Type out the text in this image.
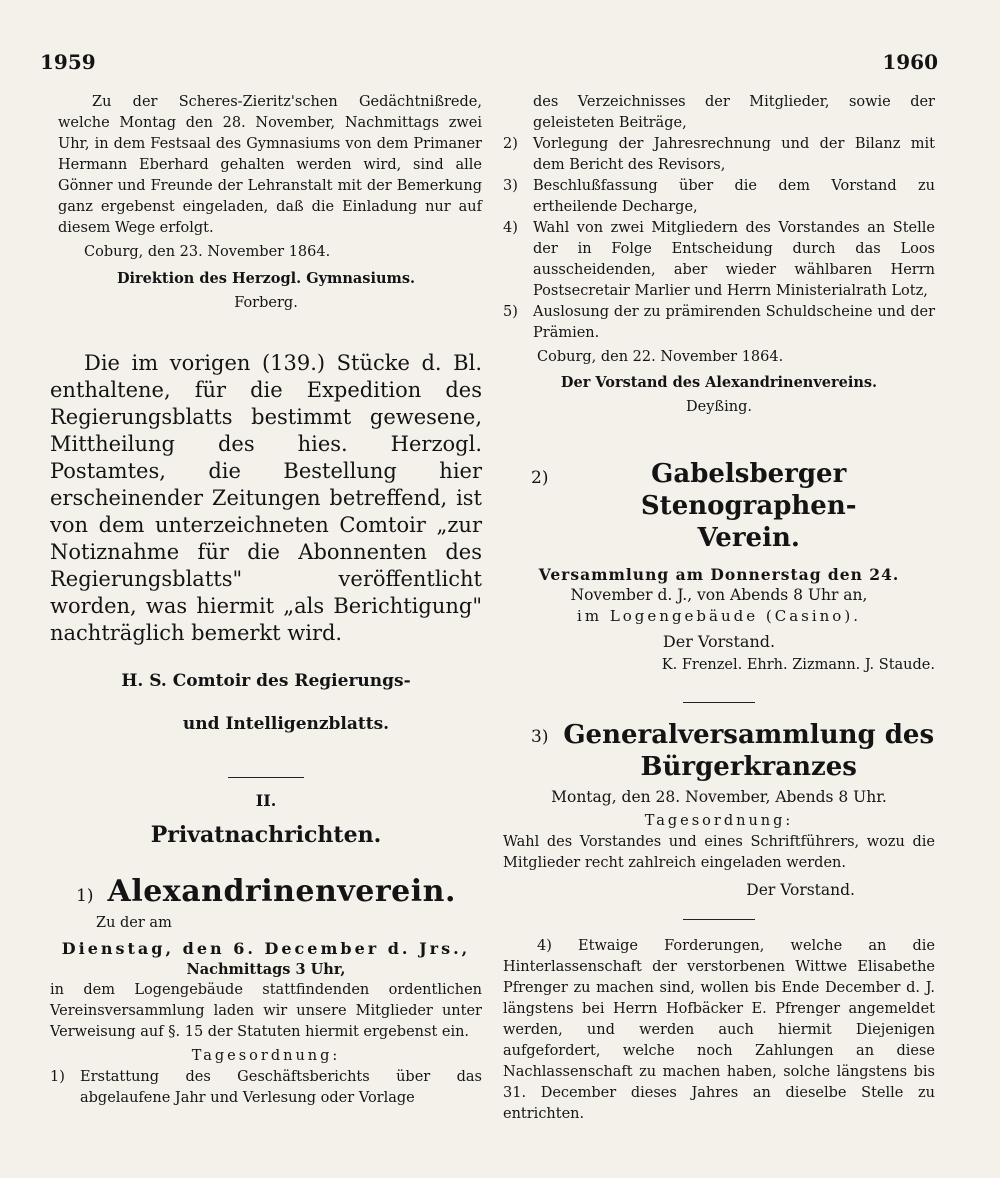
1959	1960

Zu der Scheres-Zieritz'schen Gedächtnißrede, welche Montag den 28. November, Nachmittags zwei Uhr, in dem Festsaal des Gymnasiums von dem Primaner Hermann Eberhard gehalten werden wird, sind alle Gönner und Freunde der Lehranstalt mit der Bemerkung ganz ergebenst eingeladen, daß die Einladung nur auf diesem Wege erfolgt.

Coburg, den 23. November 1864.

Direktion des Herzogl. Gymnasiums.

Forberg.

Die im vorigen (139.) Stücke d. Bl. enthaltene, für die Expedition des Regierungsblatts bestimmt gewesene, Mittheilung des hies. Herzogl. Postamtes, die Bestellung hier erscheinender Zeitungen betreffend, ist von dem unterzeichneten Comtoir „zur Notiznahme für die Abonnenten des Regierungsblatts" veröffentlicht worden, was hiermit „als Berichtigung" nachträglich bemerkt wird.

H. S. Comtoir des Regierungs-

und Intelligenzblatts.

II.

Privatnachrichten.

1) Alexandrinenverein.

Zu der am

Dienstag, den 6. December d. Jrs.,

Nachmittags 3 Uhr,

in dem Logengebäude stattfindenden ordentlichen Vereinsversammlung laden wir unsere Mitglieder unter Verweisung auf §. 15 der Statuten hiermit ergebenst ein.

Tagesordnung:

1)	Erstattung des Geschäftsberichts über das abgelaufene Jahr und Verlesung oder Vorlage

des Verzeichnisses der Mitglieder, sowie der geleisteten Beiträge,

2)	Vorlegung der Jahresrechnung und der Bilanz mit dem Bericht des Revisors,
3)	Beschlußfassung über die dem Vorstand zu ertheilende Decharge,
4)	Wahl von zwei Mitgliedern des Vorstandes an Stelle der in Folge Entscheidung durch das Loos ausscheidenden, aber wieder wählbaren Herrn Postsecretair Marlier und Herrn Ministerialrath Lotz,
5)	Auslosung der zu prämirenden Schuldscheine und der Prämien.

Coburg, den 22. November 1864.

Der Vorstand des Alexandrinenvereins.

Deyßing.

2)	Gabelsberger Stenographen-
Verein.

Versammlung am Donnerstag den 24.

November d. J., von Abends 8 Uhr an,

im Logengebäude (Casino).

Der Vorstand.

K. Frenzel. Ehrh. Zizmann. J. Staude.

3) Generalversammlung des
Bürgerkranzes

Montag, den 28. November, Abends 8 Uhr.

Tagesordnung:

Wahl des Vorstandes und eines Schriftführers, wozu die Mitglieder recht zahlreich eingeladen werden.

Der Vorstand.

4) Etwaige Forderungen, welche an die Hinterlassenschaft der verstorbenen Wittwe Elisabethe Pfrenger zu machen sind, wollen bis Ende December d. J. längstens bei Herrn Hofbäcker E. Pfrenger angemeldet werden, und werden auch hiermit Diejenigen aufgefordert, welche noch Zahlungen an diese Nachlassenschaft zu machen haben, solche längstens bis 31. December dieses Jahres an dieselbe Stelle zu entrichten.
